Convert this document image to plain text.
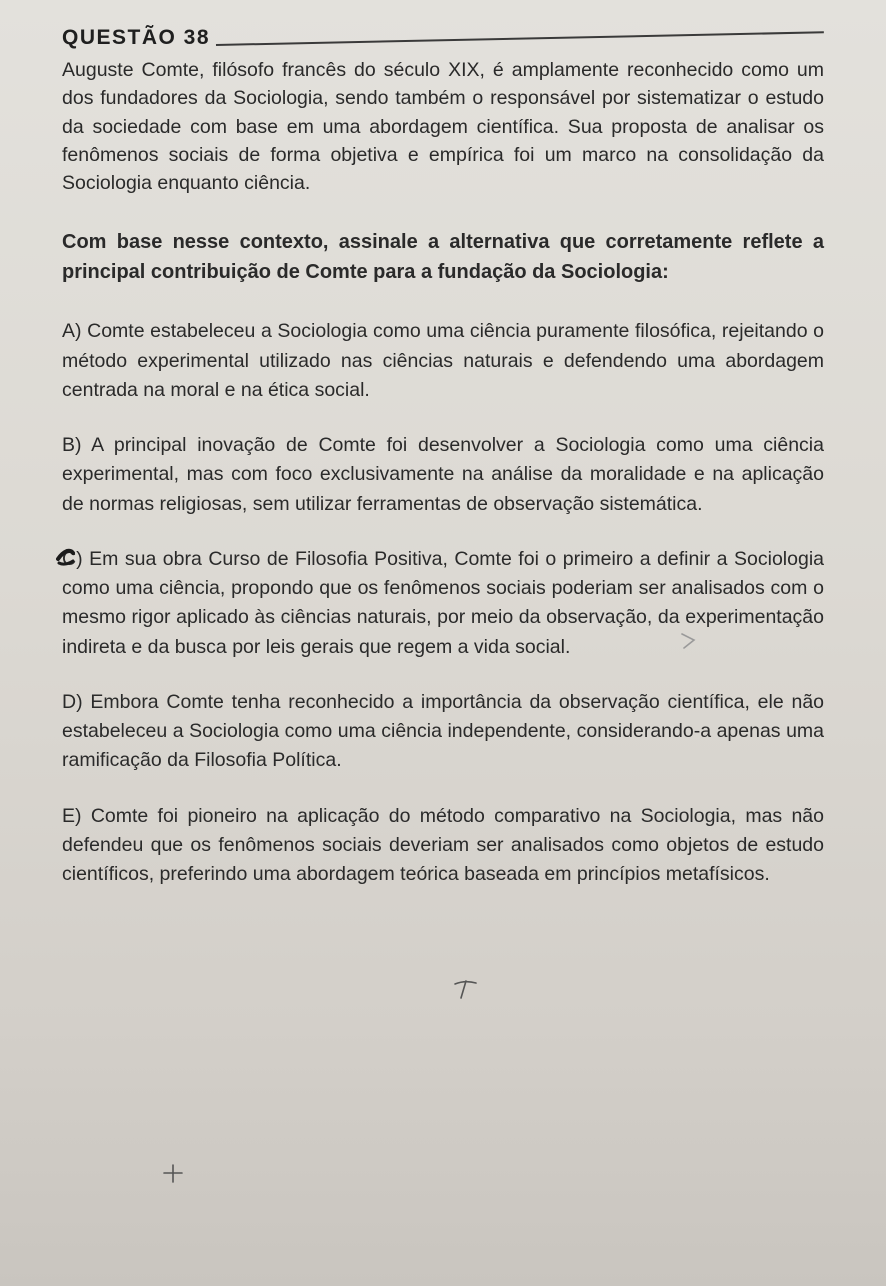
QUESTÃO 38

Auguste Comte, filósofo francês do século XIX, é amplamente reconhecido como um dos fundadores da Sociologia, sendo também o responsável por sistematizar o estudo da sociedade com base em uma abordagem científica. Sua proposta de analisar os fenômenos sociais de forma objetiva e empírica foi um marco na consolidação da Sociologia enquanto ciência.

Com base nesse contexto, assinale a alternativa que corretamente reflete a principal contribuição de Comte para a fundação da Sociologia:

A) Comte estabeleceu a Sociologia como uma ciência puramente filosófica, rejeitando o método experimental utilizado nas ciências naturais e defendendo uma abordagem centrada na moral e na ética social.
B) A principal inovação de Comte foi desenvolver a Sociologia como uma ciência experimental, mas com foco exclusivamente na análise da moralidade e na aplicação de normas religiosas, sem utilizar ferramentas de observação sistemática.
C) Em sua obra Curso de Filosofia Positiva, Comte foi o primeiro a definir a Sociologia como uma ciência, propondo que os fenômenos sociais poderiam ser analisados com o mesmo rigor aplicado às ciências naturais, por meio da observação, da experimentação indireta e da busca por leis gerais que regem a vida social.
D) Embora Comte tenha reconhecido a importância da observação científica, ele não estabeleceu a Sociologia como uma ciência independente, considerando-a apenas uma ramificação da Filosofia Política.
E) Comte foi pioneiro na aplicação do método comparativo na Sociologia, mas não defendeu que os fenômenos sociais deveriam ser analisados como objetos de estudo científicos, preferindo uma abordagem teórica baseada em princípios metafísicos.
